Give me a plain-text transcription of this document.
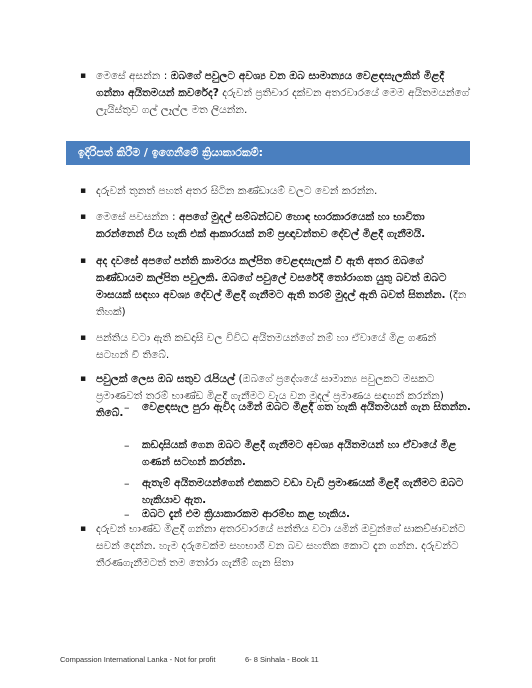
▪ මෙසේ අසන්න : ඔබගේ පවුලට අවශ්‍ය වන ඔබ සාමාන්‍යය වෙළඳසැලකින් මිළදී ගන්නා අයිතමයන් කවරේද? දරුවන් ප්‍රතිචාර දක්වන අතරවාරයේ මෙම අයිතමයන්ගේ ලැයිස්තුව ගල් ලෑල්ල මත ලියන්න.
ඉදිරිපත් කිරීම / ඉගෙනීමේ ක්‍රියාකාරකම්:
▪ දරුවන් තුනත් පහත් අතර සිටින කණ්ඩායම් වලට වෙන් කරන්න.
▪ මෙසේ පවසන්න : අපගේ මුදල් සම්බන්ධව හොඳ භාරකාරයෙක් හා භාවිතා කරන්නෙන් විය හැකි එක් ආකාරයක් නම් ප්‍රඥාවන්තව දේවල් මිළදී ගැනීමයි.
▪ අද දවසේ අපගේ පන්ති කාමරය කල්පිත වෙළඳසැලක් වී ඇති අතර ඔබගේ කණ්ඩායම කල්පිත පවුලකි. ඔබගේ පවුලේ වසරේදී තෝරාගත යුතු බවත් ඔබට මාසයක් සඳහා අවශ්‍ය දේවල් මිළදී ගැනීමට ඇති තරම් මුදල් ඇති බවත් සිතන්න. (දීන තිහක්)
▪ පන්තිය වටා ඇති කඩදාසි වල විවිධ අයිතමයන්ගේ නම් හා ඒවායේ මිළ ගණන් සටහන් වී තිබේ.
▪ පවුලක් ලෙස ඔබ සතුව රැපියල් (ඔබගේ ප්‍රදේශයේ සාමාන්‍ය පවුලකට මසකට ප්‍රමාණවත් තරම් භාණ්ඩ මිළදී ගැනීමට වැය වන මුදල් ප්‍රමාණය සඳහන් කරන්න) තිබේ. – වෙළඳසැල පුරා ඇවිද යමින් ඔබට මිළදී ගත හැකි අයිතමයන් ගැන සිතන්න.
– කඩදාසියක් ගෙන ඔබට මිළදී ගැනීමට අවශ්‍ය අයිතමයන් හා ඒවායේ මිළ ගණන් සටහන් කරන්න.
– ඇතැම් අයිතමයන්ගෙන් එකකට වඩා වැඩි ප්‍රමාණයක් මිළදී ගැනීමට ඔබට හැකියාව ඇත.
– ඔබට දැන් එම ක්‍රියාකාරකම ආරම්භ කළ හැකිය.
▪ දරුවන් භාණ්ඩ මිළදී ගන්නා අතරවාරයේ පන්තිය වටා යමින් ඔවුන්ගේ සාකච්ඡාවන්ට සවන් දෙන්න. හැම දරුවෙක්ම සහභාගී වන බව සහතික කොට දැන ගන්න. දරුවන්ට තීරණගැනීමටත් තම තෝරා ගැනීම් ගැන සිතා
Compassion International Lanka - Not for profit	6- 8 Sinhala - Book 11
